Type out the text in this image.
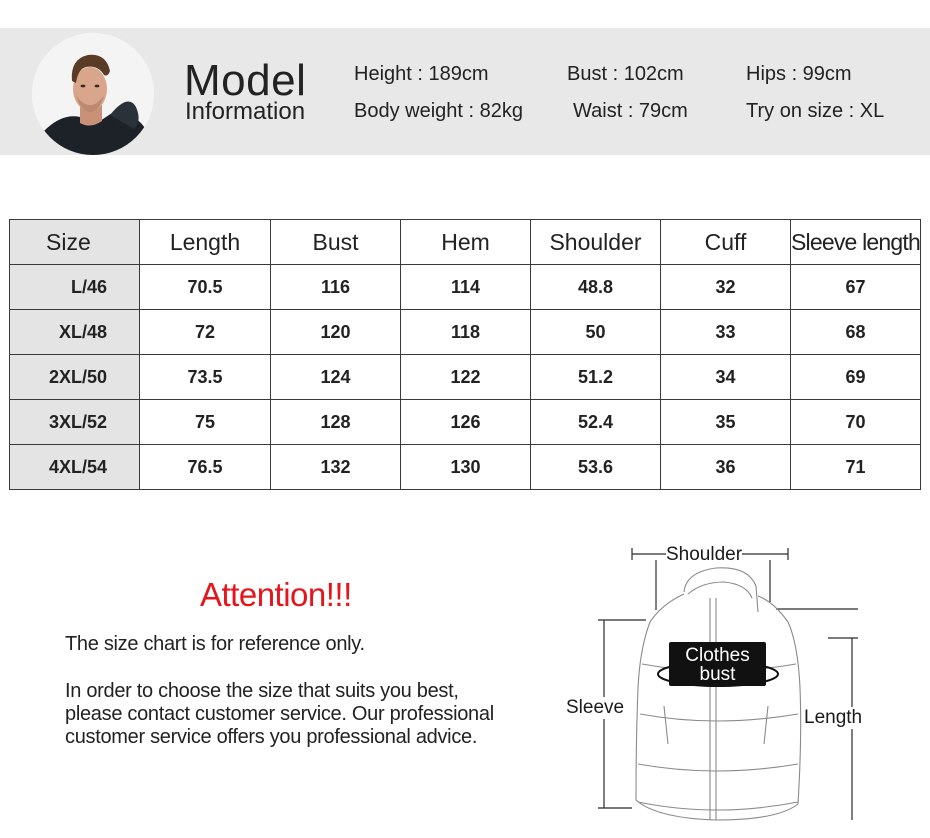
Model
Information
Height : 189cm	Bust : 102cm	Hips : 99cm
Body weight : 82kg	Waist : 79cm	Try on size : XL
Size	Length	Bust	Hem	Shoulder	Cuff	Sleeve length
L/46	70.5	116	114	48.8	32	67
XL/48	72	120	118	50	33	68
2XL/50	73.5	124	122	51.2	34	69
3XL/52	75	128	126	52.4	35	70
4XL/54	76.5	132	130	53.6	36	71
Attention!!!
The size chart is for reference only.
In order to choose the size that suits you best,
please contact customer service. Our professional
customer service offers you professional advice.
Shoulder
Sleeve	Length
Clothes
bust
